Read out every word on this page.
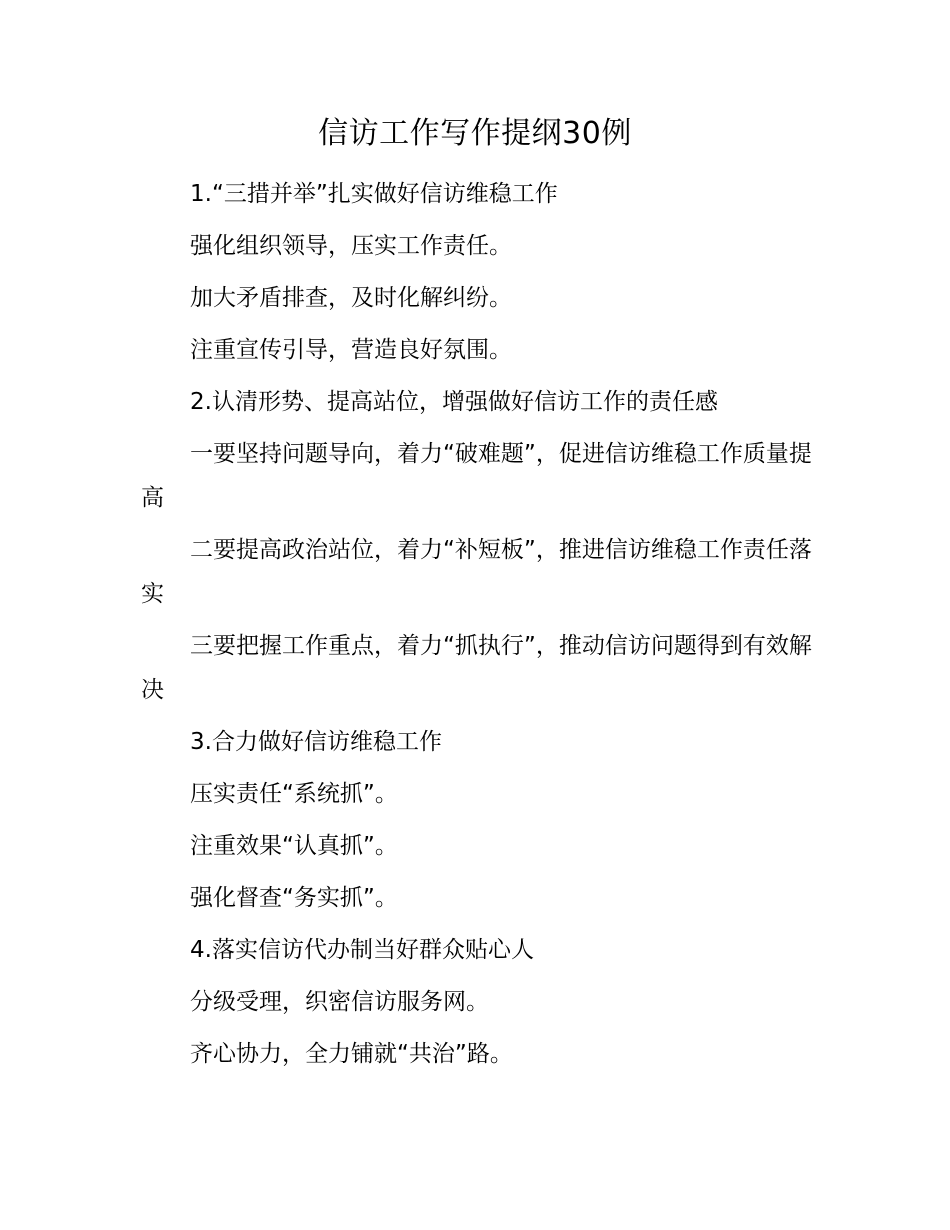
信访工作写作提纲30例

1.“三措并举”扎实做好信访维稳工作

强化组织领导，压实工作责任。

加大矛盾排查，及时化解纠纷。

注重宣传引导，营造良好氛围。

2.认清形势、提高站位，增强做好信访工作的责任感

一要坚持问题导向，着力“破难题”，促进信访维稳工作质量提高

二要提高政治站位，着力“补短板”，推进信访维稳工作责任落实

三要把握工作重点，着力“抓执行”，推动信访问题得到有效解决

3.合力做好信访维稳工作

压实责任“系统抓”。

注重效果“认真抓”。

强化督查“务实抓”。

4.落实信访代办制当好群众贴心人

分级受理，织密信访服务网。

齐心协力，全力铺就“共治”路。
